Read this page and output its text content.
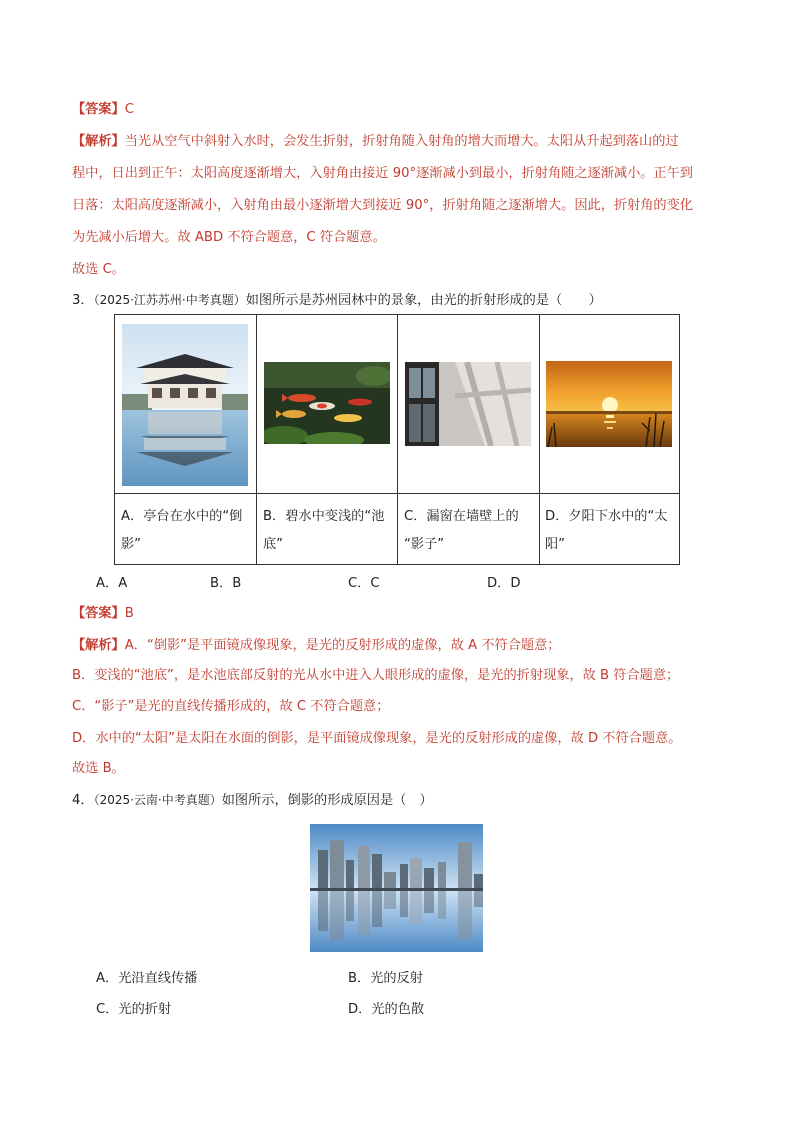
【答案】C
【解析】当光从空气中斜射入水时，会发生折射，折射角随入射角的增大而增大。太阳从升起到落山的过
程中，日出到正午：太阳高度逐渐增大，入射角由接近 90°逐渐减小到最小，折射角随之逐渐减小。正午到
日落：太阳高度逐渐减小，入射角由最小逐渐增大到接近 90°，折射角随之逐渐增大。因此，折射角的变化
为先减小后增大。故 ABD 不符合题意，C 符合题意。
故选 C。
3．（2025·江苏苏州·中考真题）如图所示是苏州园林中的景象，由光的折射形成的是（　　）
A．亭台在水中的“倒
影”
B．碧水中变浅的“池
底”
C．漏窗在墙壁上的
“影子”
D．夕阳下水中的“太
阳”
A．A	B．B	C．C	D．D
【答案】B
【解析】A．“倒影”是平面镜成像现象，是光的反射形成的虚像，故 A 不符合题意；
B．变浅的“池底”，是水池底部反射的光从水中进入人眼形成的虚像，是光的折射现象，故 B 符合题意；
C．“影子”是光的直线传播形成的，故 C 不符合题意；
D．水中的“太阳”是太阳在水面的倒影，是平面镜成像现象，是光的反射形成的虚像，故 D 不符合题意。
故选 B。
4．（2025·云南·中考真题）如图所示，倒影的形成原因是（　）
A．光沿直线传播	B．光的反射
C．光的折射	D．光的色散
